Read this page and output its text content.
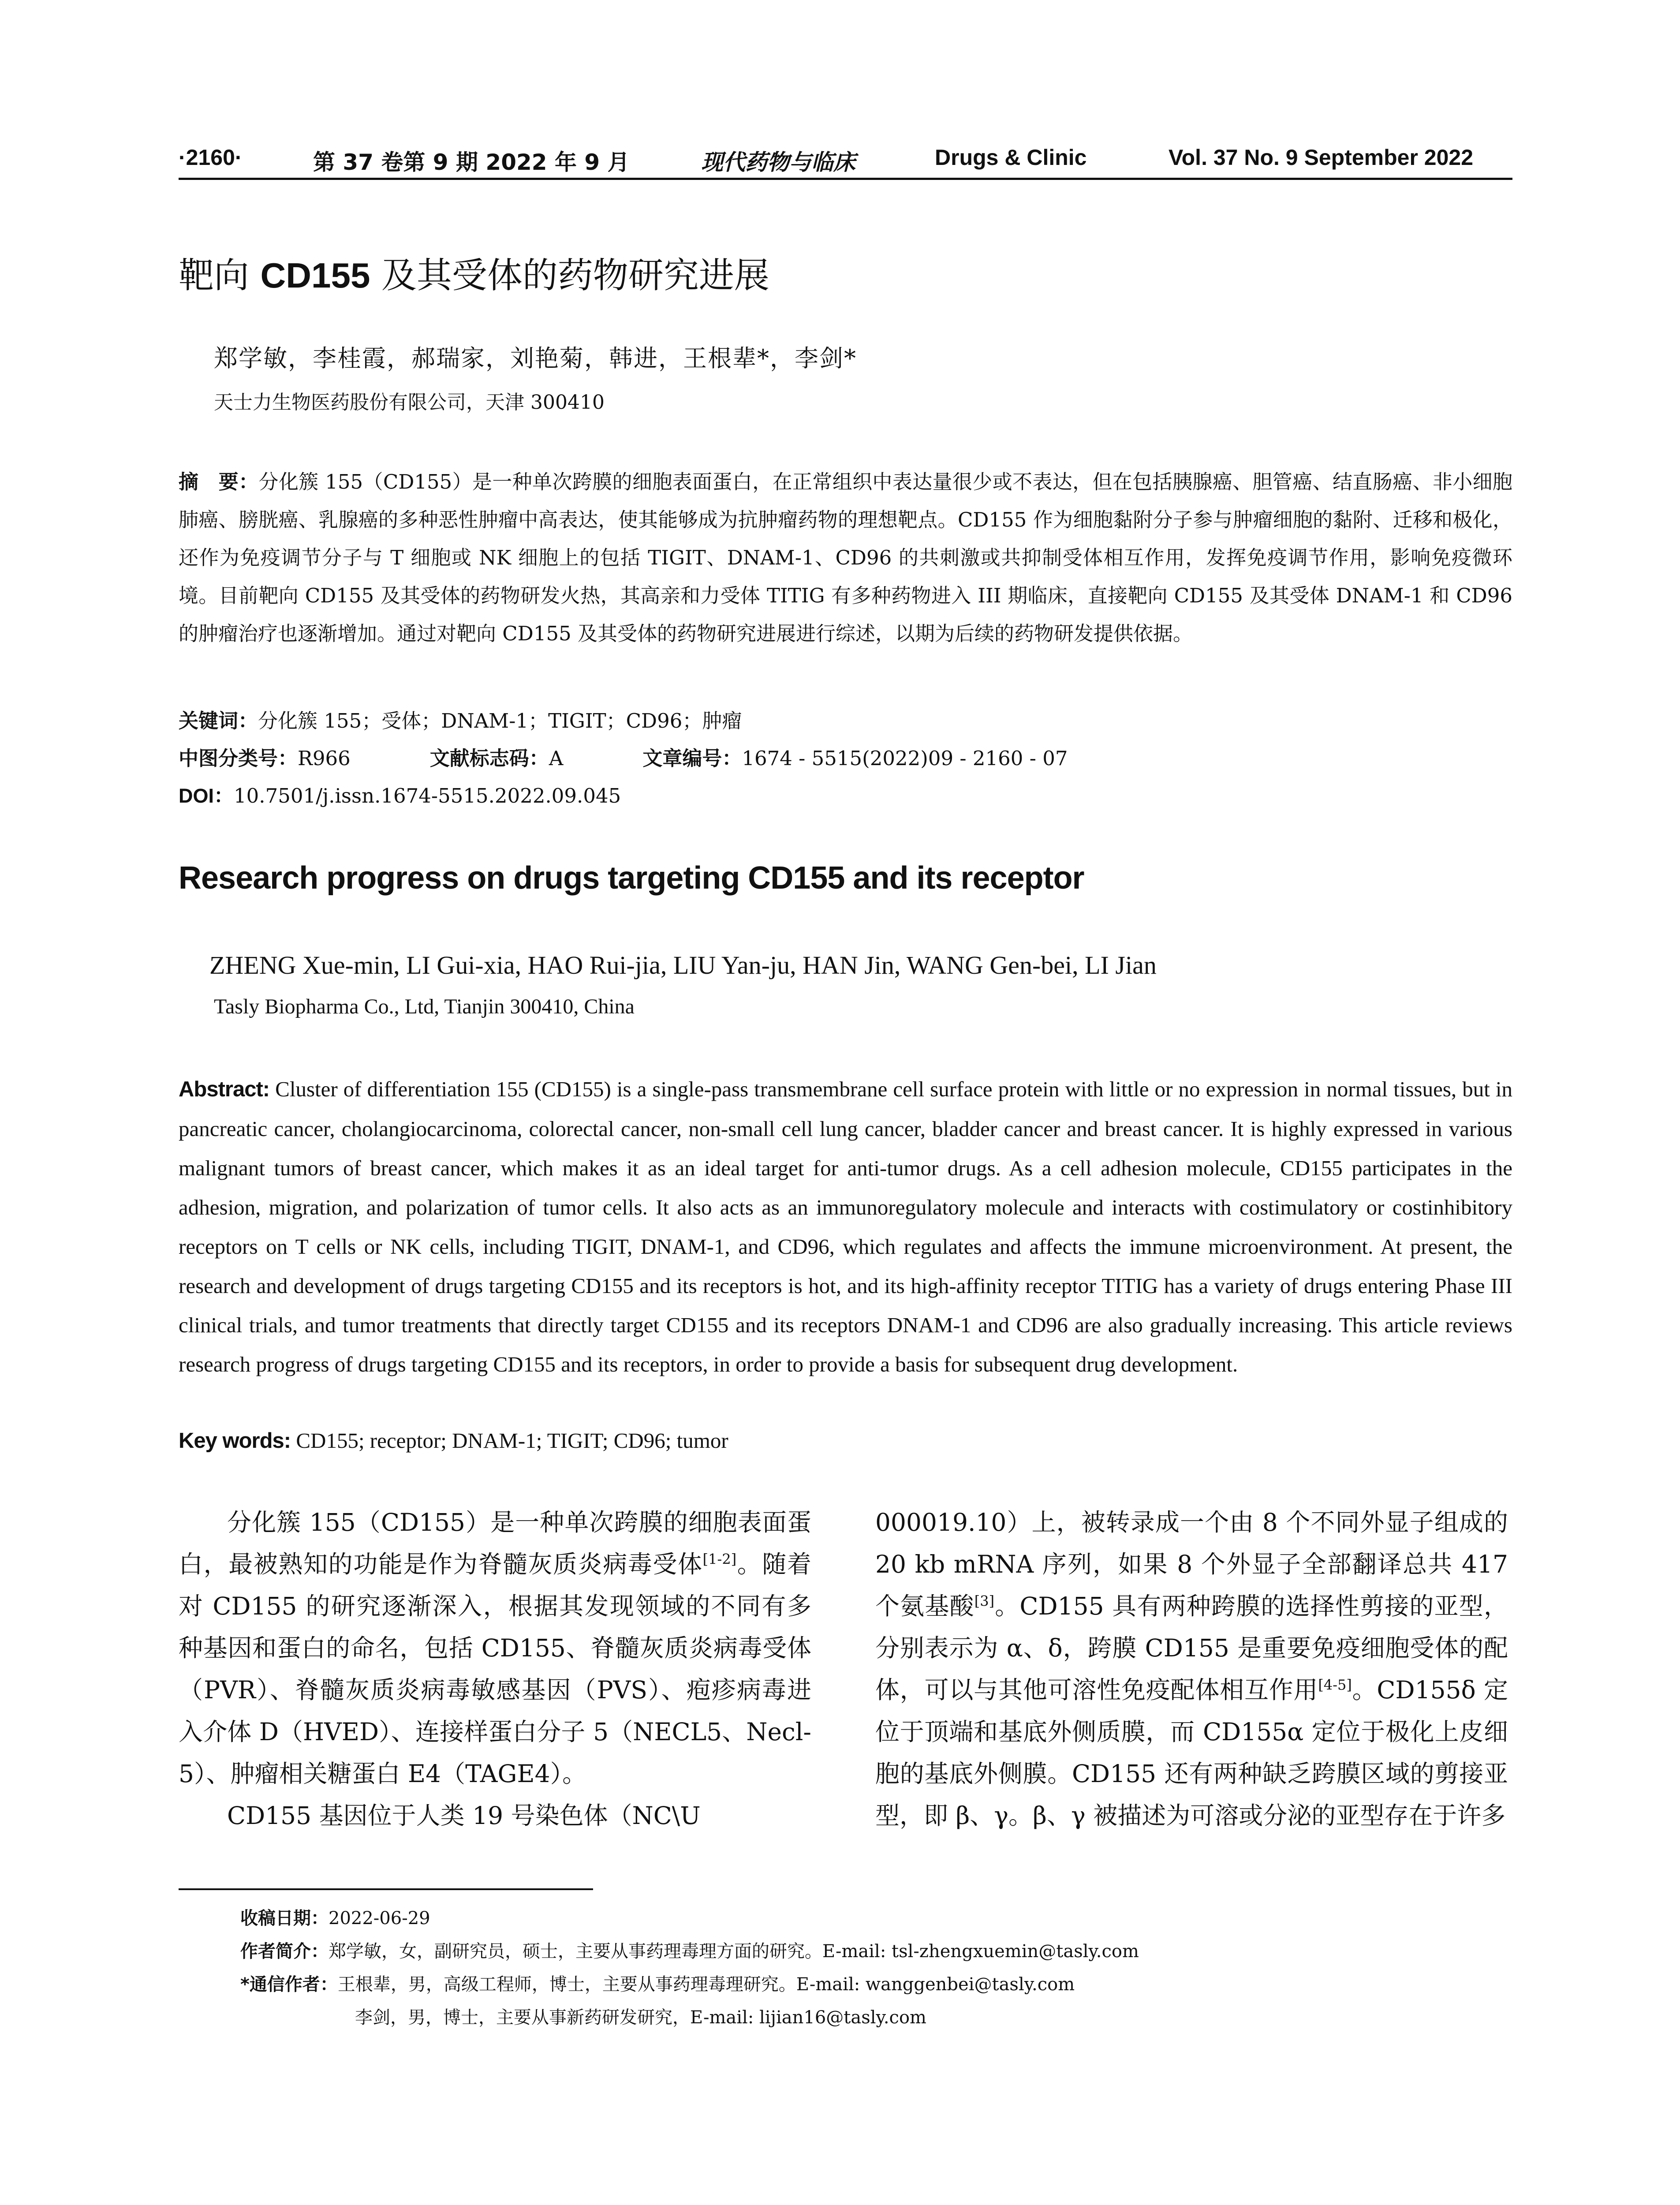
·2160·	第 37 卷第 9 期 2022 年 9 月	现代药物与临床	Drugs & Clinic	Vol. 37 No. 9 September 2022
靶向 CD155 及其受体的药物研究进展
郑学敏，李桂霞，郝瑞家，刘艳菊，韩进，王根辈*，李剑*
天士力生物医药股份有限公司，天津 300410
摘　要：分化簇 155（CD155）是一种单次跨膜的细胞表面蛋白，在正常组织中表达量很少或不表达，但在包括胰腺癌、胆管癌、结直肠癌、非小细胞肺癌、膀胱癌、乳腺癌的多种恶性肿瘤中高表达，使其能够成为抗肿瘤药物的理想靶点。CD155 作为细胞黏附分子参与肿瘤细胞的黏附、迁移和极化，还作为免疫调节分子与 T 细胞或 NK 细胞上的包括 TIGIT、DNAM-1、CD96 的共刺激或共抑制受体相互作用，发挥免疫调节作用，影响免疫微环境。目前靶向 CD155 及其受体的药物研发火热，其高亲和力受体 TITIG 有多种药物进入 III 期临床，直接靶向 CD155 及其受体 DNAM-1 和 CD96 的肿瘤治疗也逐渐增加。通过对靶向 CD155 及其受体的药物研究进展进行综述，以期为后续的药物研发提供依据。
关键词：分化簇 155；受体；DNAM-1；TIGIT；CD96；肿瘤
中图分类号：R966	文献标志码：A	文章编号：1674 - 5515(2022)09 - 2160 - 07
DOI：10.7501/j.issn.1674-5515.2022.09.045
Research progress on drugs targeting CD155 and its receptor
ZHENG Xue-min, LI Gui-xia, HAO Rui-jia, LIU Yan-ju, HAN Jin, WANG Gen-bei, LI Jian
Tasly Biopharma Co., Ltd, Tianjin 300410, China
Abstract: Cluster of differentiation 155 (CD155) is a single-pass transmembrane cell surface protein with little or no expression in normal tissues, but in pancreatic cancer, cholangiocarcinoma, colorectal cancer, non-small cell lung cancer, bladder cancer and breast cancer. It is highly expressed in various malignant tumors of breast cancer, which makes it as an ideal target for anti-tumor drugs. As a cell adhesion molecule, CD155 participates in the adhesion, migration, and polarization of tumor cells. It also acts as an immunoregulatory molecule and interacts with costimulatory or costinhibitory receptors on T cells or NK cells, including TIGIT, DNAM-1, and CD96, which regulates and affects the immune microenvironment. At present, the research and development of drugs targeting CD155 and its receptors is hot, and its high-affinity receptor TITIG has a variety of drugs entering Phase III clinical trials, and tumor treatments that directly target CD155 and its receptors DNAM-1 and CD96 are also gradually increasing. This article reviews research progress of drugs targeting CD155 and its receptors, in order to provide a basis for subsequent drug development.
Key words: CD155; receptor; DNAM-1; TIGIT; CD96; tumor

分化簇 155（CD155）是一种单次跨膜的细胞表面蛋白，最被熟知的功能是作为脊髓灰质炎病毒受体[1-2]。随着对 CD155 的研究逐渐深入，根据其发现领域的不同有多种基因和蛋白的命名，包括 CD155、脊髓灰质炎病毒受体（PVR）、脊髓灰质炎病毒敏感基因（PVS）、疱疹病毒进入介体 D（HVED）、连接样蛋白分子 5（NECL5、Necl-5）、肿瘤相关糖蛋白 E4（TAGE4）。

CD155 基因位于人类 19 号染色体（NC\U

000019.10）上，被转录成一个由 8 个不同外显子组成的 20 kb mRNA 序列，如果 8 个外显子全部翻译总共 417 个氨基酸[3]。CD155 具有两种跨膜的选择性剪接的亚型，分别表示为 α、δ，跨膜 CD155 是重要免疫细胞受体的配体，可以与其他可溶性免疫配体相互作用[4-5]。CD155δ 定位于顶端和基底外侧质膜，而 CD155α 定位于极化上皮细胞的基底外侧膜。CD155 还有两种缺乏跨膜区域的剪接亚型，即 β、γ。β、γ 被描述为可溶或分泌的亚型存在于许多

收稿日期：2022-06-29
作者简介：郑学敏，女，副研究员，硕士，主要从事药理毒理方面的研究。E-mail: tsl-zhengxuemin@tasly.com
*通信作者：王根辈，男，高级工程师，博士，主要从事药理毒理研究。E-mail: wanggenbei@tasly.com
李剑，男，博士，主要从事新药研发研究，E-mail: lijian16@tasly.com
